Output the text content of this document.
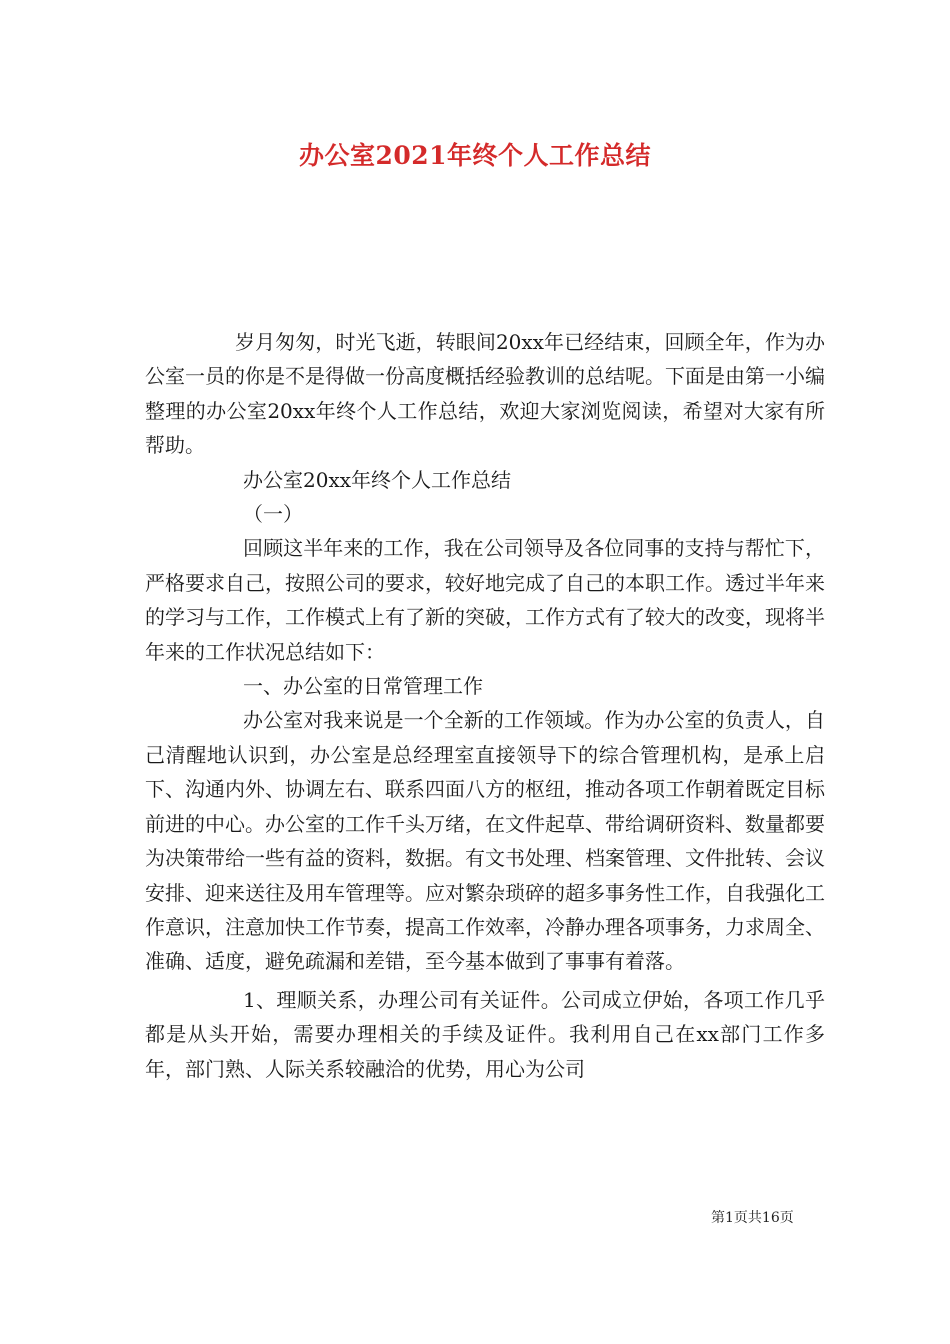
办公室2021年终个人工作总结

岁月匆匆，时光飞逝，转眼间20xx年已经结束，回顾全年，作为办公室一员的你是不是得做一份高度概括经验教训的总结呢。下面是由第一小编整理的办公室20xx年终个人工作总结，欢迎大家浏览阅读，希望对大家有所帮助。

办公室20xx年终个人工作总结

（一）

回顾这半年来的工作，我在公司领导及各位同事的支持与帮忙下，严格要求自己，按照公司的要求，较好地完成了自己的本职工作。透过半年来的学习与工作，工作模式上有了新的突破，工作方式有了较大的改变，现将半年来的工作状况总结如下：

一、办公室的日常管理工作

办公室对我来说是一个全新的工作领域。作为办公室的负责人，自己清醒地认识到，办公室是总经理室直接领导下的综合管理机构，是承上启下、沟通内外、协调左右、联系四面八方的枢纽，推动各项工作朝着既定目标前进的中心。办公室的工作千头万绪，在文件起草、带给调研资料、数量都要为决策带给一些有益的资料，数据。有文书处理、档案管理、文件批转、会议安排、迎来送往及用车管理等。应对繁杂琐碎的超多事务性工作，自我强化工作意识，注意加快工作节奏，提高工作效率，冷静办理各项事务，力求周全、准确、适度，避免疏漏和差错，至今基本做到了事事有着落。

1、理顺关系，办理公司有关证件。公司成立伊始，各项工作几乎都是从头开始，需要办理相关的手续及证件。我利用自己在xx部门工作多年，部门熟、人际关系较融洽的优势，用心为公司

第1页共16页
